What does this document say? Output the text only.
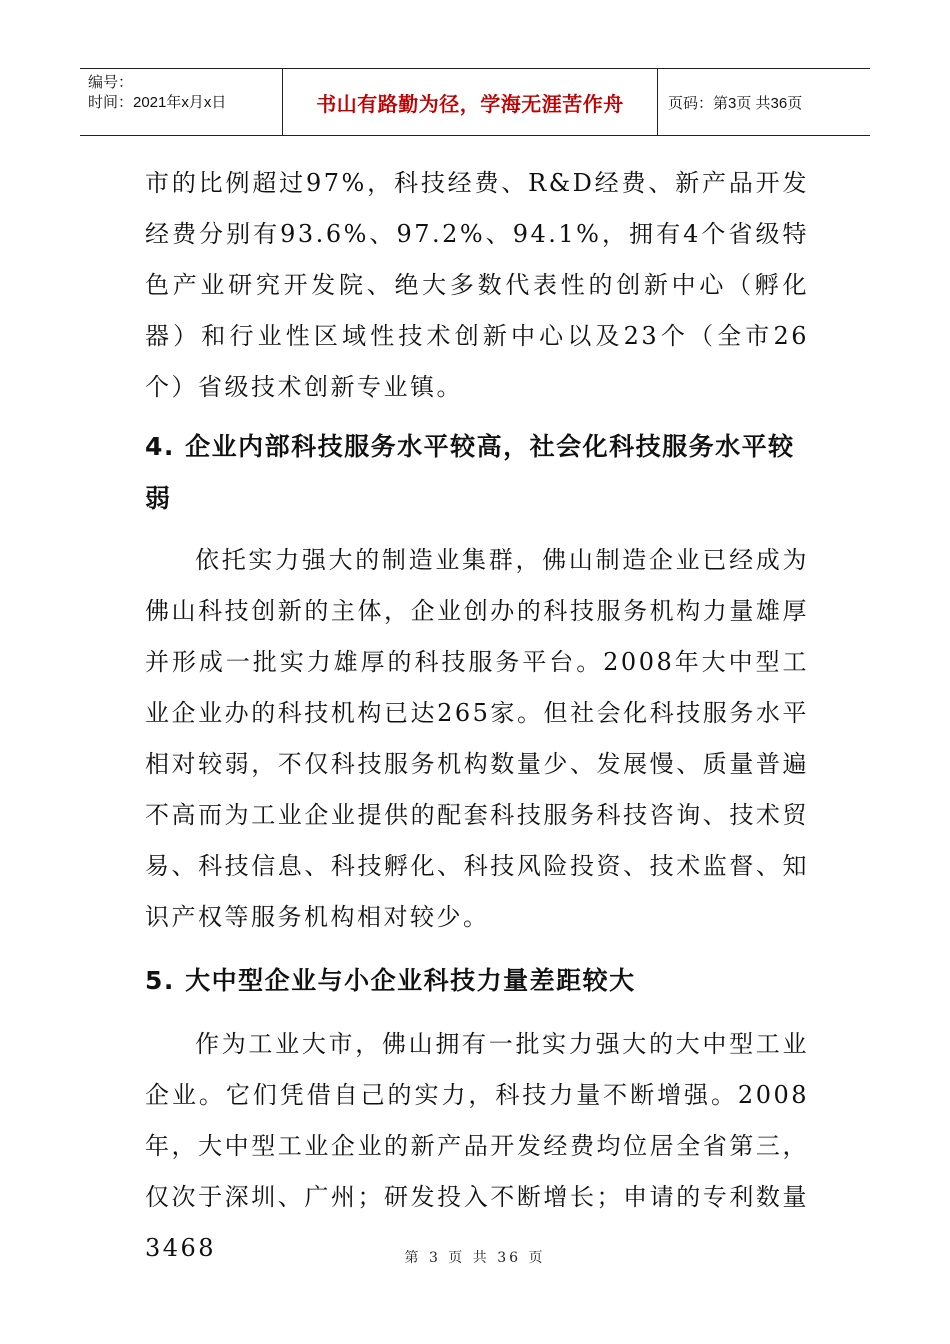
编号：
时间：2021年x月x日	书山有路勤为径，学海无涯苦作舟	页码：第3页 共36页

市的比例超过97%，科技经费、R&D经费、新产品开发经费分别有93.6%、97.2%、94.1%，拥有4个省级特色产业研究开发院、绝大多数代表性的创新中心（孵化器）和行业性区域性技术创新中心以及23个（全市26个）省级技术创新专业镇。

4. 企业内部科技服务水平较高，社会化科技服务水平较弱

依托实力强大的制造业集群，佛山制造企业已经成为佛山科技创新的主体，企业创办的科技服务机构力量雄厚并形成一批实力雄厚的科技服务平台。2008年大中型工业企业办的科技机构已达265家。但社会化科技服务水平相对较弱，不仅科技服务机构数量少、发展慢、质量普遍不高而为工业企业提供的配套科技服务科技咨询、技术贸易、科技信息、科技孵化、科技风险投资、技术监督、知识产权等服务机构相对较少。

5. 大中型企业与小企业科技力量差距较大

作为工业大市，佛山拥有一批实力强大的大中型工业企业。它们凭借自己的实力，科技力量不断增强。2008年，大中型工业企业的新产品开发经费均位居全省第三，仅次于深圳、广州；研发投入不断增长；申请的专利数量3468	第 3 页 共 36 页
